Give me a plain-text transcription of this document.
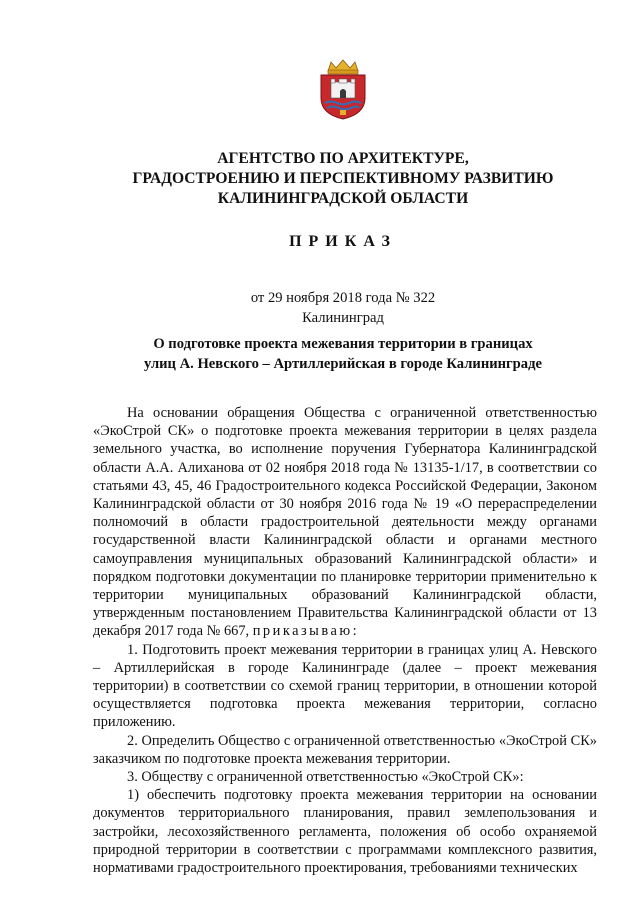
АГЕНТСТВО ПО АРХИТЕКТУРЕ,
ГРАДОСТРОЕНИЮ И ПЕРСПЕКТИВНОМУ РАЗВИТИЮ
КАЛИНИНГРАДСКОЙ ОБЛАСТИ
ПРИКАЗ
от 29 ноября 2018 года № 322
Калининград
О подготовке проекта межевания территории в границах
улиц А. Невского – Артиллерийская в городе Калининграде

На основании обращения Общества с ограниченной ответственностью «ЭкоСтрой СК» о подготовке проекта межевания территории в целях раздела земельного участка, во исполнение поручения Губернатора Калининградской области А.А. Алиханова от 02 ноября 2018 года № 13135-1/17, в соответствии со статьями 43, 45, 46 Градостроительного кодекса Российской Федерации, Законом Калининградской области от 30 ноября 2016 года № 19 «О перераспределении полномочий в области градостроительной деятельности между органами государственной власти Калининградской области и органами местного самоуправления муниципальных образований Калининградской области» и порядком подготовки документации по планировке территории применительно к территории муниципальных образований Калининградской области, утвержденным постановлением Правительства Калининградской области от 13 декабря 2017 года № 667, приказываю:

1. Подготовить проект межевания территории в границах улиц А. Невского – Артиллерийская в городе Калининграде (далее – проект межевания территории) в соответствии со схемой границ территории, в отношении которой осуществляется подготовка проекта межевания территории, согласно приложению.

2. Определить Общество с ограниченной ответственностью «ЭкоСтрой СК» заказчиком по подготовке проекта межевания территории.

3. Обществу с ограниченной ответственностью «ЭкоСтрой СК»:

1) обеспечить подготовку проекта межевания территории на основании документов территориального планирования, правил землепользования и застройки, лесохозяйственного регламента, положения об особо охраняемой природной территории в соответствии с программами комплексного развития, нормативами градостроительного проектирования, требованиями технических
